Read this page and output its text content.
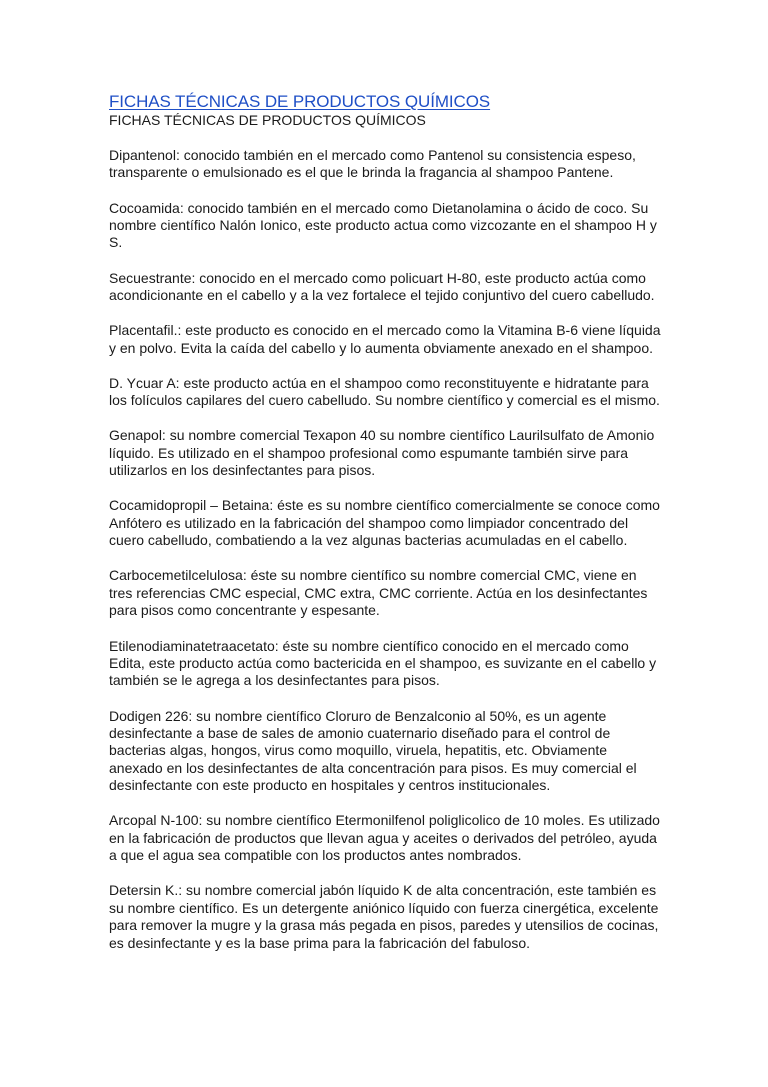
FICHAS TÉCNICAS DE PRODUCTOS QUÍMICOS
FICHAS TÉCNICAS DE PRODUCTOS QUÍMICOS

Dipantenol: conocido también en el mercado como Pantenol su consistencia espeso, transparente o emulsionado es el que le brinda la fragancia al shampoo Pantene.

Cocoamida: conocido también en el mercado como Dietanolamina o ácido de coco. Su nombre científico Nalón Ionico, este producto actua como vizcozante en el shampoo H y S.

Secuestrante: conocido en el mercado como policuart H-80, este producto actúa como acondicionante en el cabello y a la vez fortalece el tejido conjuntivo del cuero cabelludo.

Placentafil.: este producto es conocido en el mercado como la Vitamina B-6 viene líquida y en polvo. Evita la caída del cabello y lo aumenta obviamente anexado en el shampoo.

D. Ycuar A: este producto actúa en el shampoo como reconstituyente e hidratante para los folículos capilares del cuero cabelludo. Su nombre científico y comercial es el mismo.

Genapol: su nombre comercial Texapon 40 su nombre científico Laurilsulfato de Amonio líquido. Es utilizado en el shampoo profesional como espumante también sirve para utilizarlos en los desinfectantes para pisos.

Cocamidopropil – Betaina: éste es su nombre científico comercialmente se conoce como Anfótero es utilizado en la fabricación del shampoo como limpiador concentrado del cuero cabelludo, combatiendo a la vez algunas bacterias acumuladas en el cabello.

Carbocemetilcelulosa: éste su nombre científico su nombre comercial CMC, viene en tres referencias CMC especial, CMC extra, CMC corriente. Actúa en los desinfectantes para pisos como concentrante y espesante.

Etilenodiaminatetraacetato: éste su nombre científico conocido en el mercado como Edita, este producto actúa como bactericida en el shampoo, es suvizante en el cabello y también se le agrega a los desinfectantes para pisos.

Dodigen 226: su nombre científico Cloruro de Benzalconio al 50%, es un agente desinfectante a base de sales de amonio cuaternario diseñado para el control de bacterias algas, hongos, virus como moquillo, viruela, hepatitis, etc. Obviamente anexado en los desinfectantes de alta concentración para pisos. Es muy comercial el desinfectante con este producto en hospitales y centros institucionales.

Arcopal N-100: su nombre científico Etermonilfenol poliglicolico de 10 moles. Es utilizado en la fabricación de productos que llevan agua y aceites o derivados del petróleo, ayuda a que el agua sea compatible con los productos antes nombrados.

Detersin K.: su nombre comercial jabón líquido K de alta concentración, este también es su nombre científico. Es un detergente aniónico líquido con fuerza cinergética, excelente para remover la mugre y la grasa más pegada en pisos, paredes y utensilios de cocinas, es desinfectante y es la base prima para la fabricación del fabuloso.
